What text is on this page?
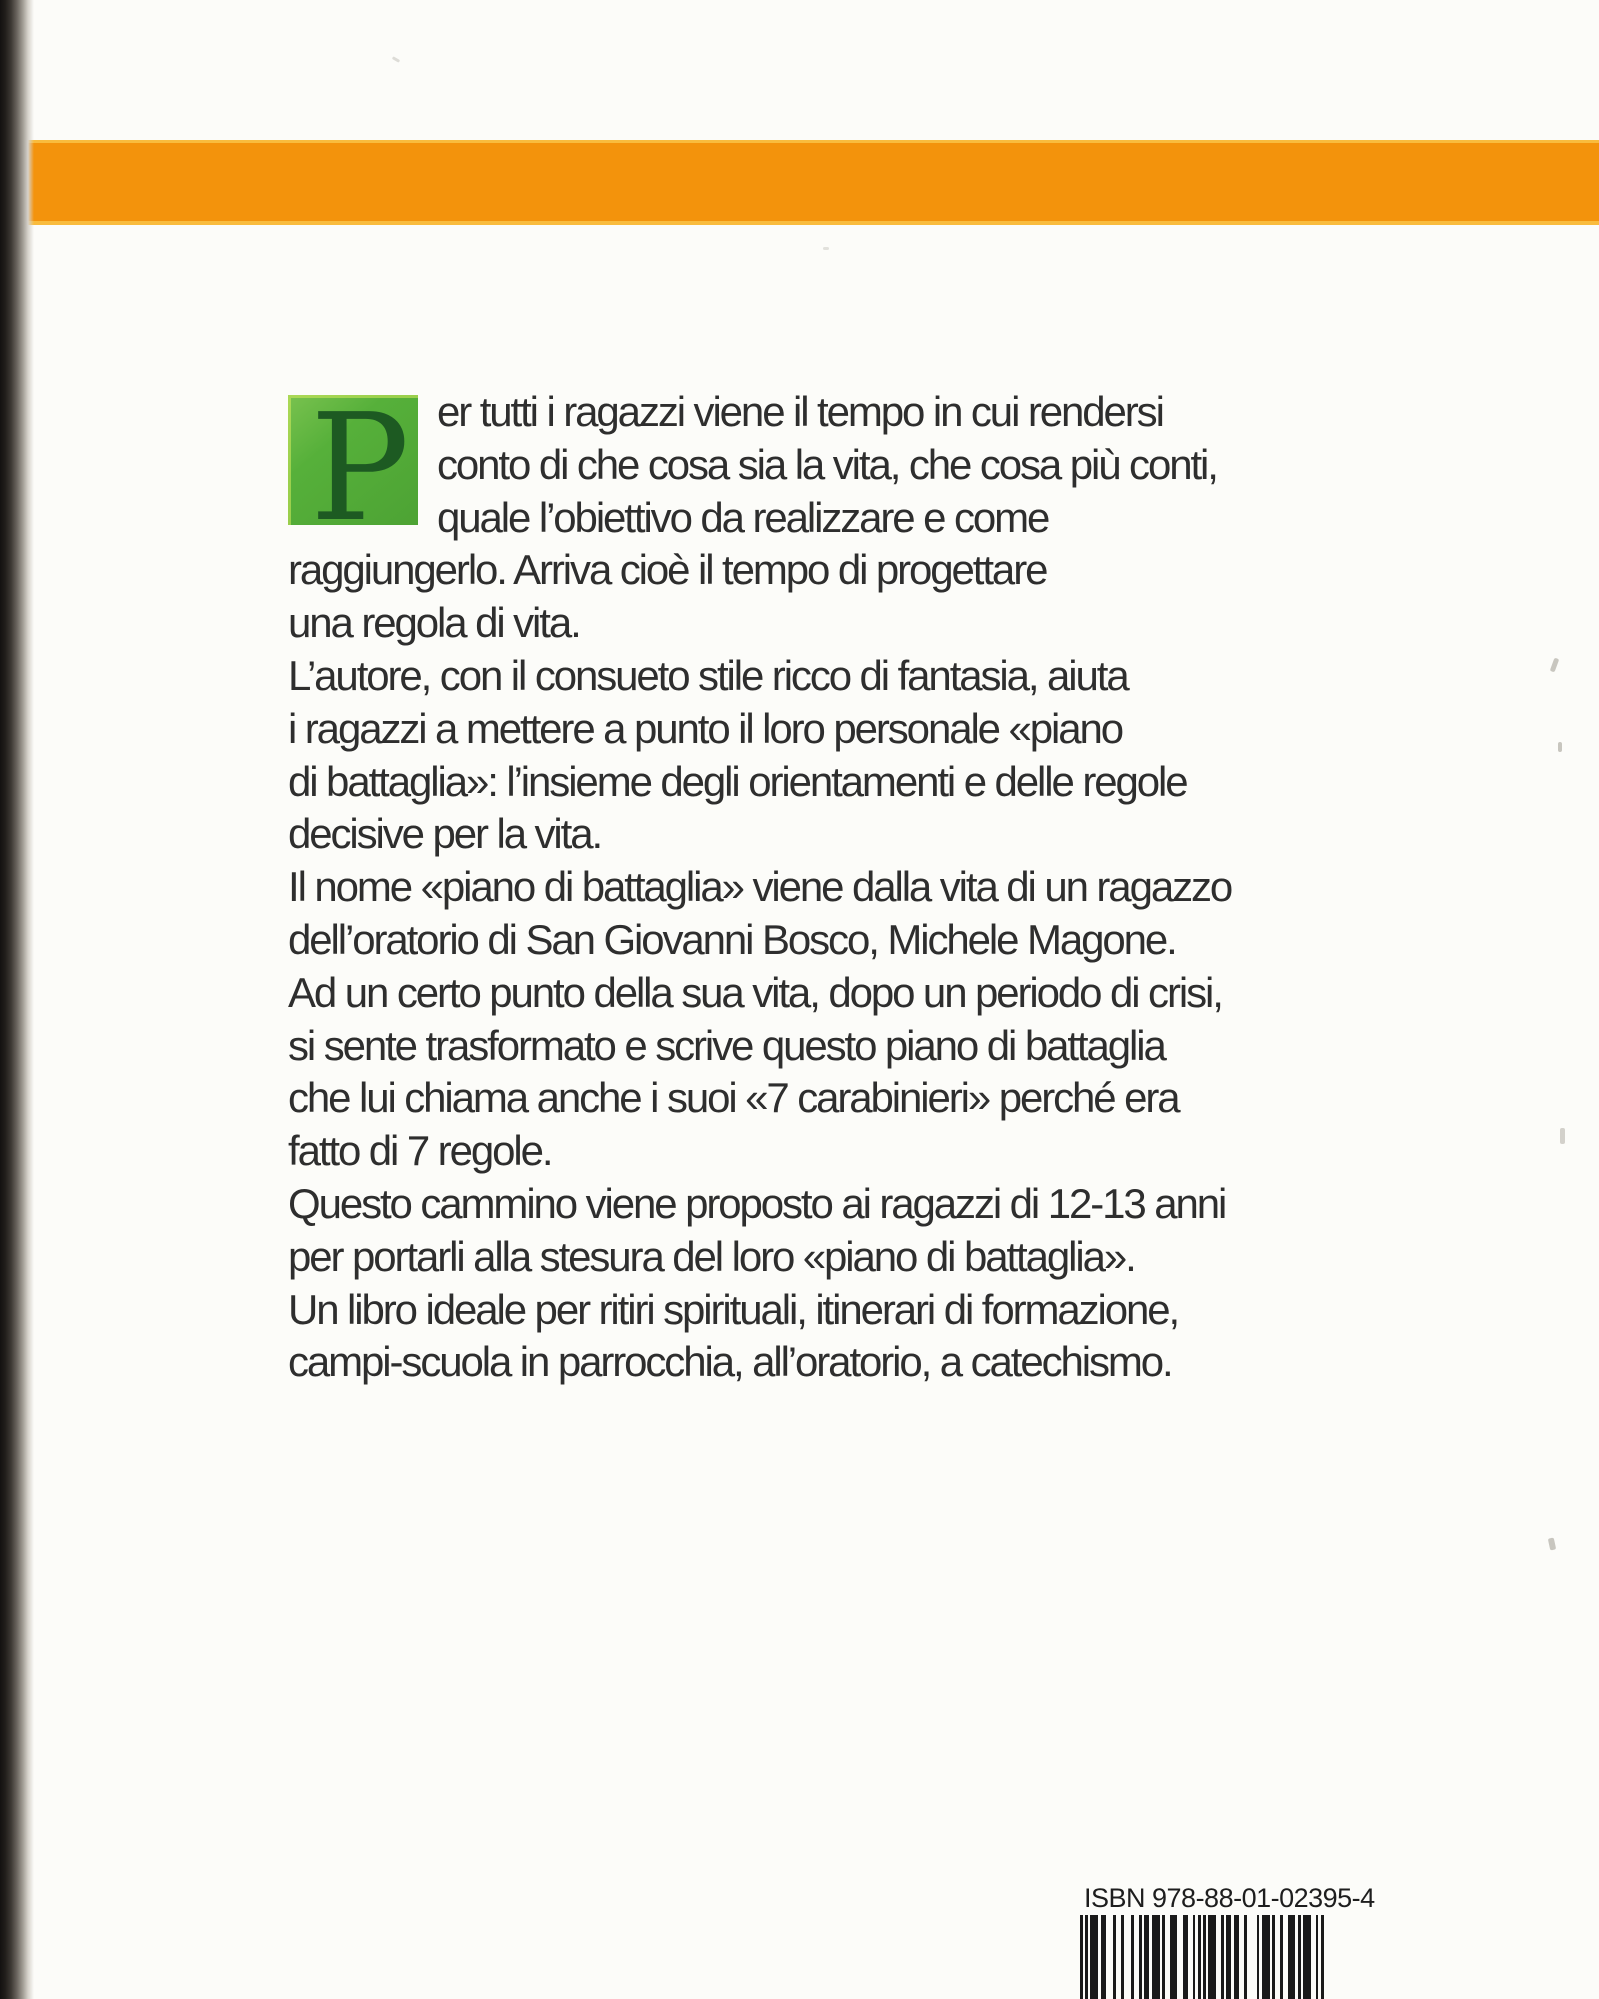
P er tutti i ragazzi viene il tempo in cui rendersi
conto di che cosa sia la vita, che cosa più conti,
quale l’obiettivo da realizzare e come
raggiungerlo. Arriva cioè il tempo di progettare
una regola di vita.
L’autore, con il consueto stile ricco di fantasia, aiuta
i ragazzi a mettere a punto il loro personale «piano
di battaglia»: l’insieme degli orientamenti e delle regole
decisive per la vita.
Il nome «piano di battaglia» viene dalla vita di un ragazzo
dell’oratorio di San Giovanni Bosco, Michele Magone.
Ad un certo punto della sua vita, dopo un periodo di crisi,
si sente trasformato e scrive questo piano di battaglia
che lui chiama anche i suoi «7 carabinieri» perché era
fatto di 7 regole.
Questo cammino viene proposto ai ragazzi di 12-13 anni
per portarli alla stesura del loro «piano di battaglia».
Un libro ideale per ritiri spirituali, itinerari di formazione,
campi-scuola in parrocchia, all’oratorio, a catechismo.
ISBN 978-88-01-02395-4
